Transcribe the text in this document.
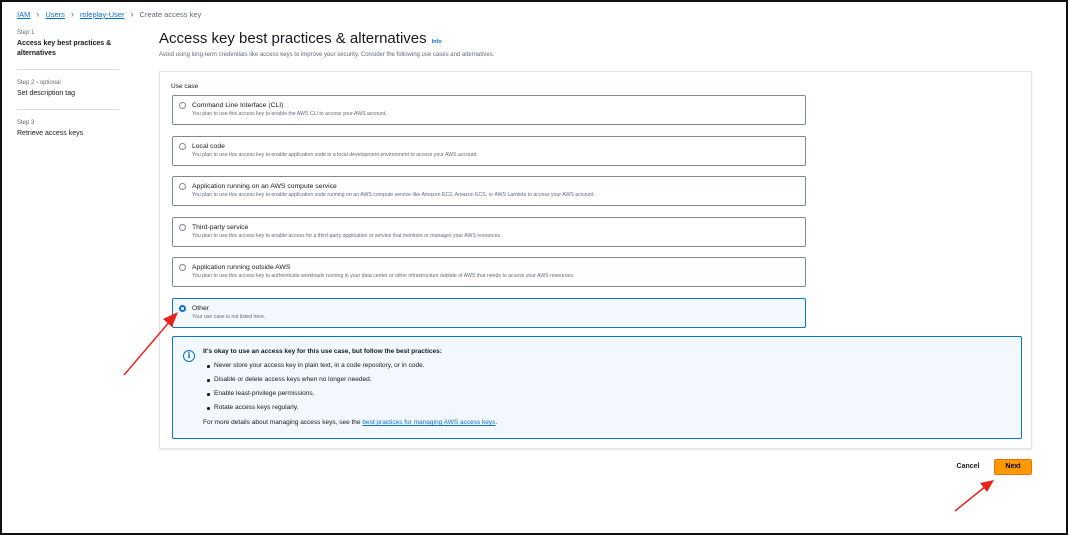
IAM › Users › roleplay-User › Create access key
Step 1
Access key best practices & alternatives
Step 2 - optional
Set description tag
Step 3
Retrieve access keys
Access key best practices & alternatives Info
Avoid using long-term credentials like access keys to improve your security. Consider the following use cases and alternatives.
Use case
Command Line Interface (CLI)
You plan to use this access key to enable the AWS CLI to access your AWS account.
Local code
You plan to use this access key to enable application code in a local development environment to access your AWS account.
Application running on an AWS compute service
You plan to use this access key to enable application code running on an AWS compute service like Amazon EC2, Amazon ECS, or AWS Lambda to access your AWS account.
Third-party service
You plan to use this access key to enable access for a third-party application or service that monitors or manages your AWS resources.
Application running outside AWS
You plan to use this access key to authenticate workloads running in your data center or other infrastructure outside of AWS that needs to access your AWS resources.
Other
Your use case is not listed here.
i	It's okay to use an access key for this use case, but follow the best practices:
Never store your access key in plain text, in a code repository, or in code.
Disable or delete access keys when no longer needed.
Enable least-privilege permissions.
Rotate access keys regularly.
For more details about managing access keys, see the best practices for managing AWS access keys.
Cancel	Next
